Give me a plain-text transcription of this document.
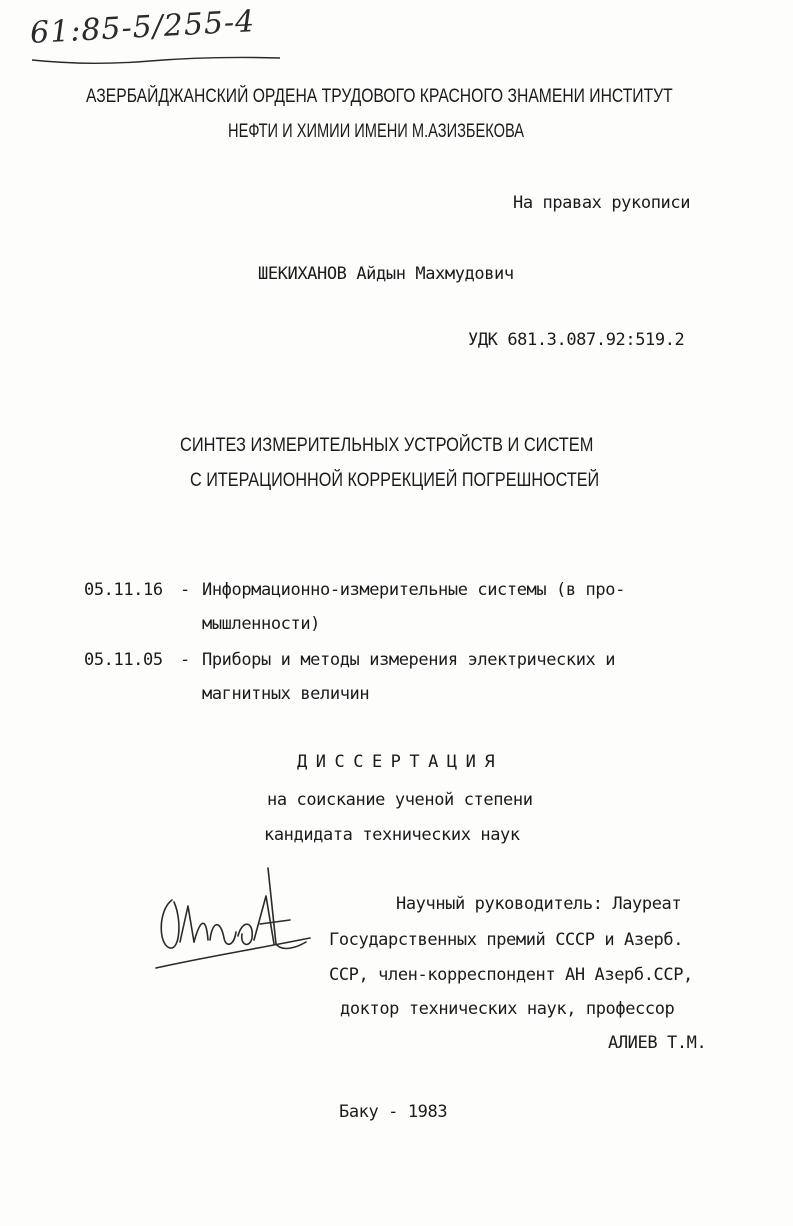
61:85-5/255-4
АЗЕРБАЙДЖАНСКИЙ ОРДЕНА ТРУДОВОГО КРАСНОГО ЗНАМЕНИ ИНСТИТУТ
НЕФТИ И ХИМИИ ИМЕНИ М.АЗИЗБЕКОВА
На правах рукописи
ШЕКИХАНОВ Айдын Махмудович
УДК 681.3.087.92:519.2
СИНТЕЗ ИЗМЕРИТЕЛЬНЫХ УСТРОЙСТВ И СИСТЕМ
С ИТЕРАЦИОННОЙ КОРРЕКЦИЕЙ ПОГРЕШНОСТЕЙ
05.11.16 - Информационно-измерительные системы (в про-
мышленности)
05.11.05 - Приборы и методы измерения электрических и
магнитных величин
ДИССЕРТАЦИЯ
на соискание ученой степени
кандидата технических наук
Научный руководитель: Лауреат
Государственных премий СССР и Азерб.
ССР, член-корреспондент АН Азерб.ССР,
доктор технических наук, профессор
АЛИЕВ Т.М.
Баку - 1983
